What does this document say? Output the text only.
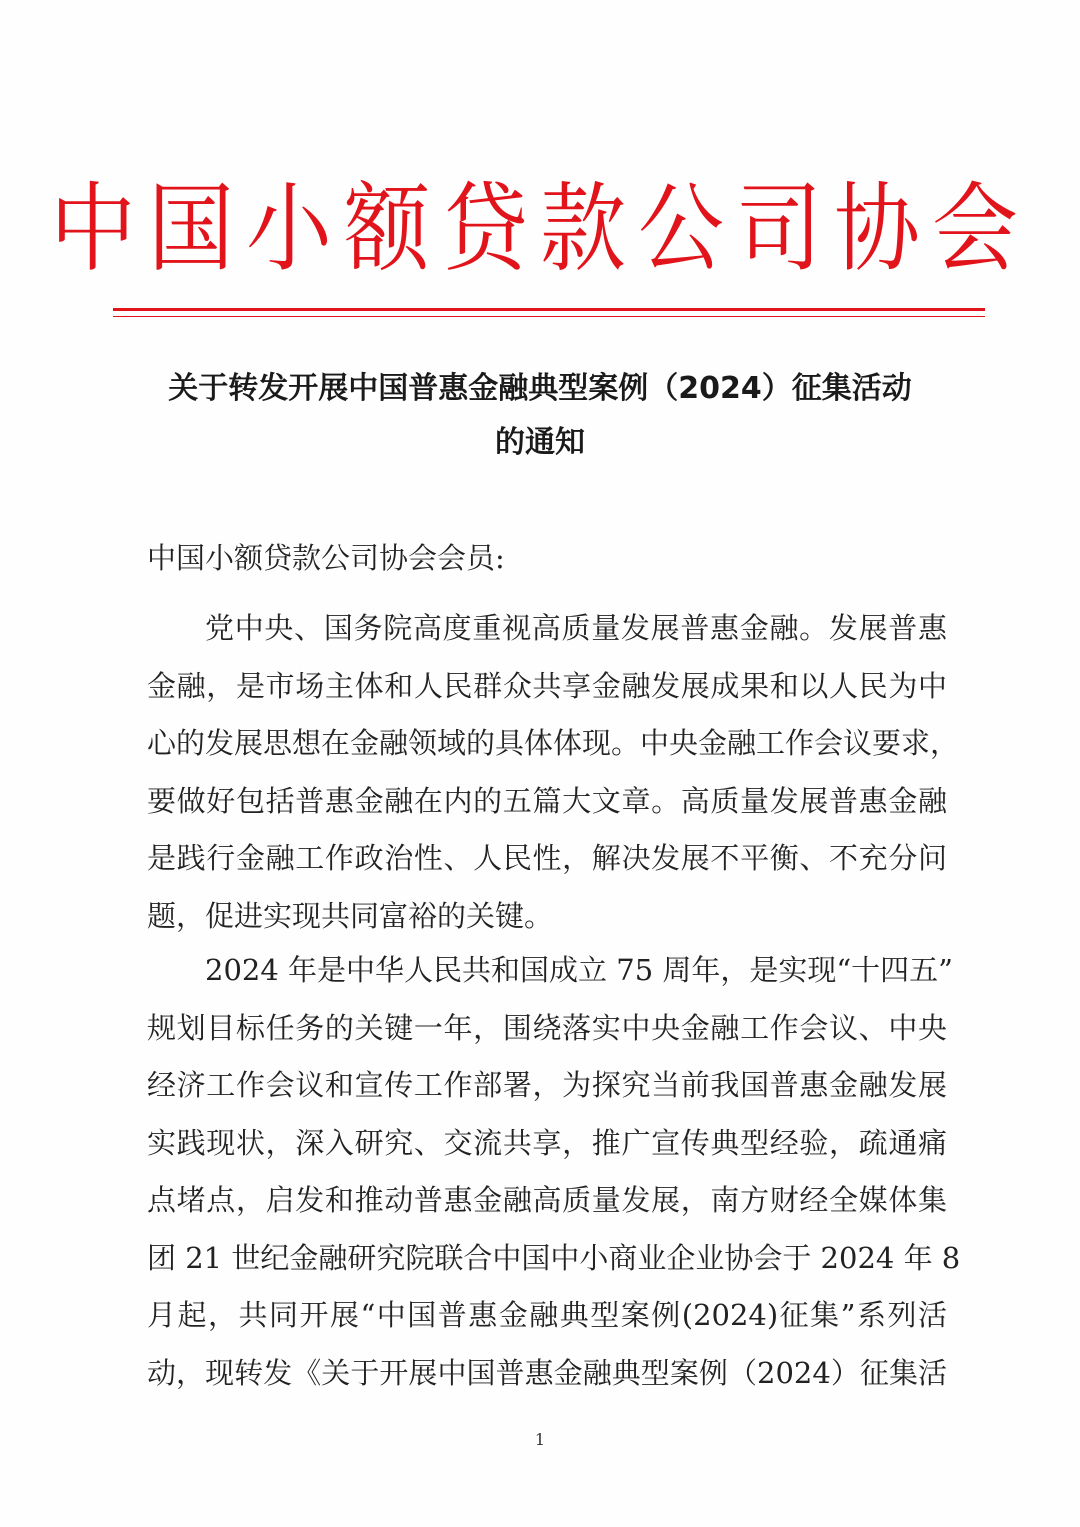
中国小额贷款公司协会
关于转发开展中国普惠金融典型案例（2024）征集活动
的通知
中国小额贷款公司协会会员:
党中央、国务院高度重视高质量发展普惠金融。发展普惠
金融，是市场主体和人民群众共享金融发展成果和以人民为中
心的发展思想在金融领域的具体体现。中央金融工作会议要求，
要做好包括普惠金融在内的五篇大文章。高质量发展普惠金融
是践行金融工作政治性、人民性，解决发展不平衡、不充分问
题，促进实现共同富裕的关键。
2024 年是中华人民共和国成立 75 周年，是实现“十四五”
规划目标任务的关键一年，围绕落实中央金融工作会议、中央
经济工作会议和宣传工作部署，为探究当前我国普惠金融发展
实践现状，深入研究、交流共享，推广宣传典型经验，疏通痛
点堵点，启发和推动普惠金融高质量发展，南方财经全媒体集
团 21 世纪金融研究院联合中国中小商业企业协会于 2024 年 8
月起，共同开展“中国普惠金融典型案例(2024)征集”系列活
动，现转发《关于开展中国普惠金融典型案例（2024）征集活
1
